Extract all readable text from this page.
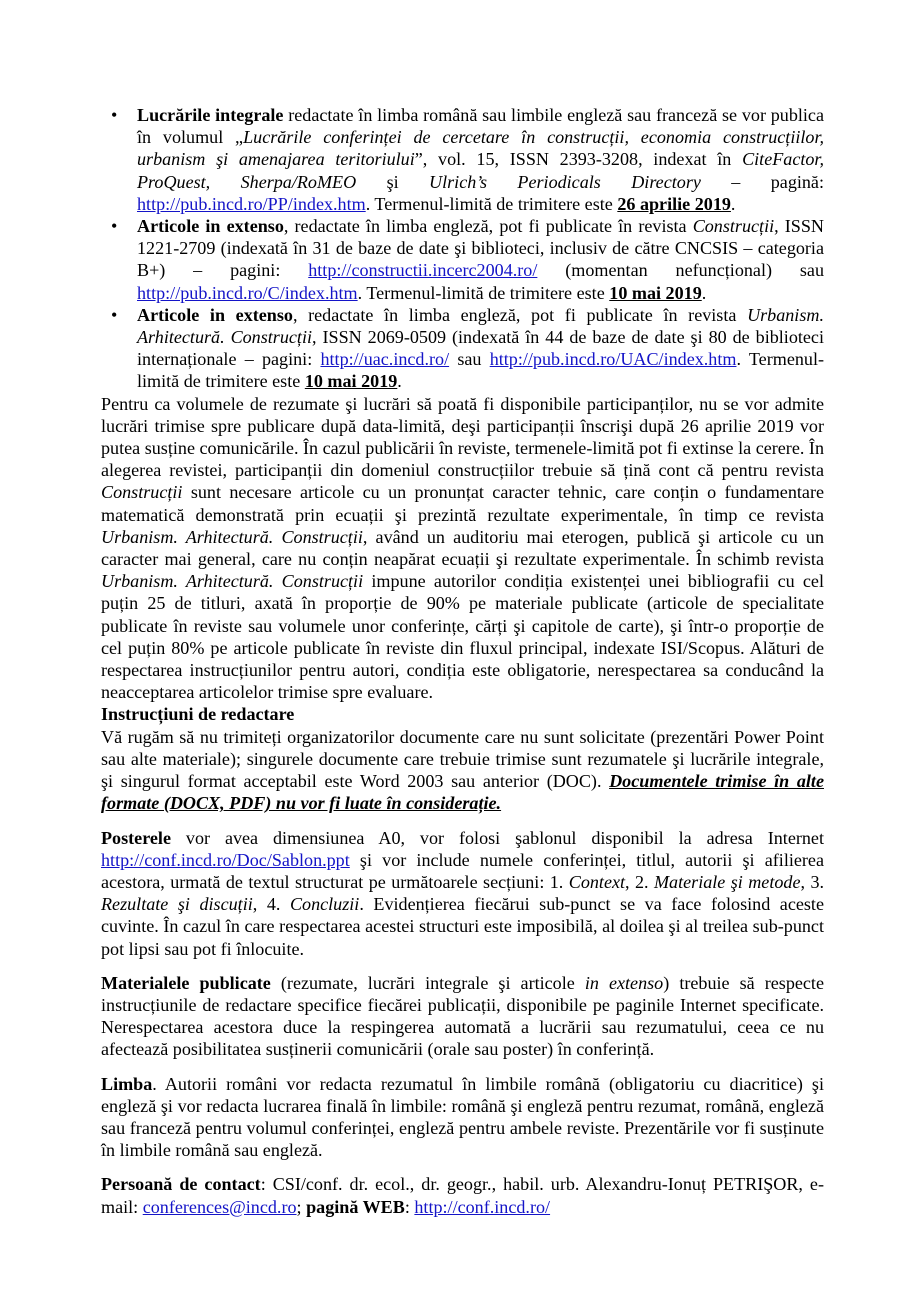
• Lucrările integrale redactate în limba română sau limbile engleză sau franceză se vor publica în volumul „Lucrările conferinței de cercetare în construcții, economia construcțiilor, urbanism şi amenajarea teritoriului”, vol. 15, ISSN 2393-3208, indexat în CiteFactor, ProQuest, Sherpa/RoMEO şi Ulrich’s Periodicals Directory – pagină: http://pub.incd.ro/PP/index.htm. Termenul-limită de trimitere este 26 aprilie 2019.
• Articole in extenso, redactate în limba engleză, pot fi publicate în revista Construcții, ISSN 1221-2709 (indexată în 31 de baze de date şi biblioteci, inclusiv de către CNCSIS – categoria B+) – pagini: http://constructii.incerc2004.ro/ (momentan nefuncțional) sau http://pub.incd.ro/C/index.htm. Termenul-limită de trimitere este 10 mai 2019.
• Articole in extenso, redactate în limba engleză, pot fi publicate în revista Urbanism. Arhitectură. Construcții, ISSN 2069-0509 (indexată în 44 de baze de date şi 80 de biblioteci internaționale – pagini: http://uac.incd.ro/ sau http://pub.incd.ro/UAC/index.htm. Termenul-limită de trimitere este 10 mai 2019.

Pentru ca volumele de rezumate şi lucrări să poată fi disponibile participanților, nu se vor admite lucrări trimise spre publicare după data-limită, deşi participanții înscrişi după 26 aprilie 2019 vor putea susține comunicările. În cazul publicării în reviste, termenele-limită pot fi extinse la cerere. În alegerea revistei, participanții din domeniul construcțiilor trebuie să țină cont că pentru revista Construcții sunt necesare articole cu un pronunțat caracter tehnic, care conțin o fundamentare matematică demonstrată prin ecuații şi prezintă rezultate experimentale, în timp ce revista Urbanism. Arhitectură. Construcții, având un auditoriu mai eterogen, publică şi articole cu un caracter mai general, care nu conțin neapărat ecuații şi rezultate experimentale. În schimb revista Urbanism. Arhitectură. Construcții impune autorilor condiția existenței unei bibliografii cu cel puțin 25 de titluri, axată în proporție de 90% pe materiale publicate (articole de specialitate publicate în reviste sau volumele unor conferințe, cărți şi capitole de carte), şi într-o proporție de cel puțin 80% pe articole publicate în reviste din fluxul principal, indexate ISI/Scopus. Alături de respectarea instrucțiunilor pentru autori, condiția este obligatorie, nerespectarea sa conducând la neacceptarea articolelor trimise spre evaluare.

Instrucțiuni de redactare

Vă rugăm să nu trimiteți organizatorilor documente care nu sunt solicitate (prezentări Power Point sau alte materiale); singurele documente care trebuie trimise sunt rezumatele şi lucrările integrale, şi singurul format acceptabil este Word 2003 sau anterior (DOC). Documentele trimise în alte formate (DOCX, PDF) nu vor fi luate în considerație.

Posterele vor avea dimensiunea A0, vor folosi şablonul disponibil la adresa Internet http://conf.incd.ro/Doc/Sablon.ppt şi vor include numele conferinței, titlul, autorii şi afilierea acestora, urmată de textul structurat pe următoarele secțiuni: 1. Context, 2. Materiale şi metode, 3. Rezultate şi discuții, 4. Concluzii. Evidențierea fiecărui sub-punct se va face folosind aceste cuvinte. În cazul în care respectarea acestei structuri este imposibilă, al doilea şi al treilea sub-punct pot lipsi sau pot fi înlocuite.

Materialele publicate (rezumate, lucrări integrale şi articole in extenso) trebuie să respecte instrucțiunile de redactare specifice fiecărei publicații, disponibile pe paginile Internet specificate. Nerespectarea acestora duce la respingerea automată a lucrării sau rezumatului, ceea ce nu afectează posibilitatea susținerii comunicării (orale sau poster) în conferință.

Limba. Autorii români vor redacta rezumatul în limbile română (obligatoriu cu diacritice) şi engleză şi vor redacta lucrarea finală în limbile: română şi engleză pentru rezumat, română, engleză sau franceză pentru volumul conferinței, engleză pentru ambele reviste. Prezentările vor fi susținute în limbile română sau engleză.

Persoană de contact: CSI/conf. dr. ecol., dr. geogr., habil. urb. Alexandru-Ionuț PETRIŞOR, e-mail: conferences@incd.ro; pagină WEB: http://conf.incd.ro/
